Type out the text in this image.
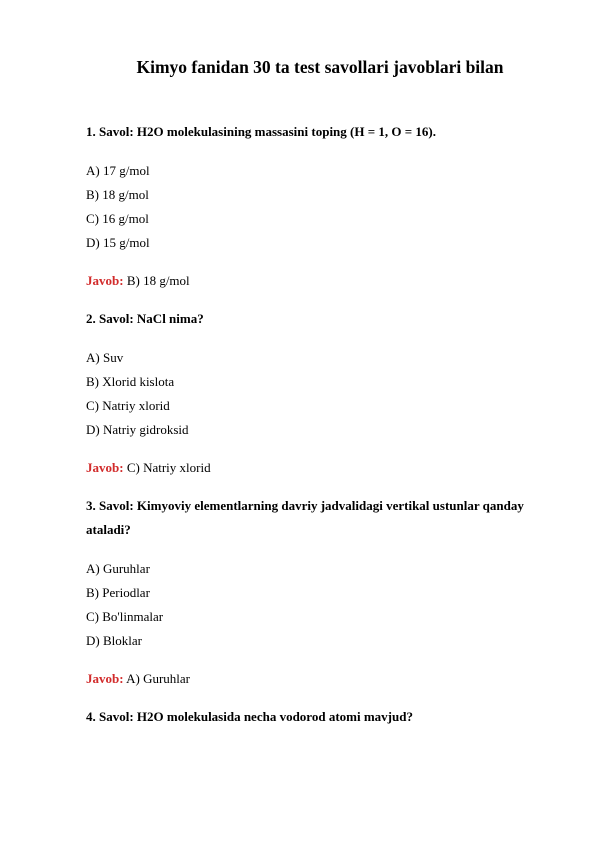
Kimyo fanidan 30 ta test savollari javoblari bilan
1. Savol: H2O molekulasining massasini toping (H = 1, O = 16).
A) 17 g/mol
B) 18 g/mol
C) 16 g/mol
D) 15 g/mol
Javob: B) 18 g/mol
2. Savol: NaCl nima?
A) Suv
B) Xlorid kislota
C) Natriy xlorid
D) Natriy gidroksid
Javob: C) Natriy xlorid
3. Savol: Kimyoviy elementlarning davriy jadvalidagi vertikal ustunlar qanday ataladi?
A) Guruhlar
B) Periodlar
C) Bo'linmalar
D) Bloklar
Javob: A) Guruhlar
4. Savol: H2O molekulasida necha vodorod atomi mavjud?
